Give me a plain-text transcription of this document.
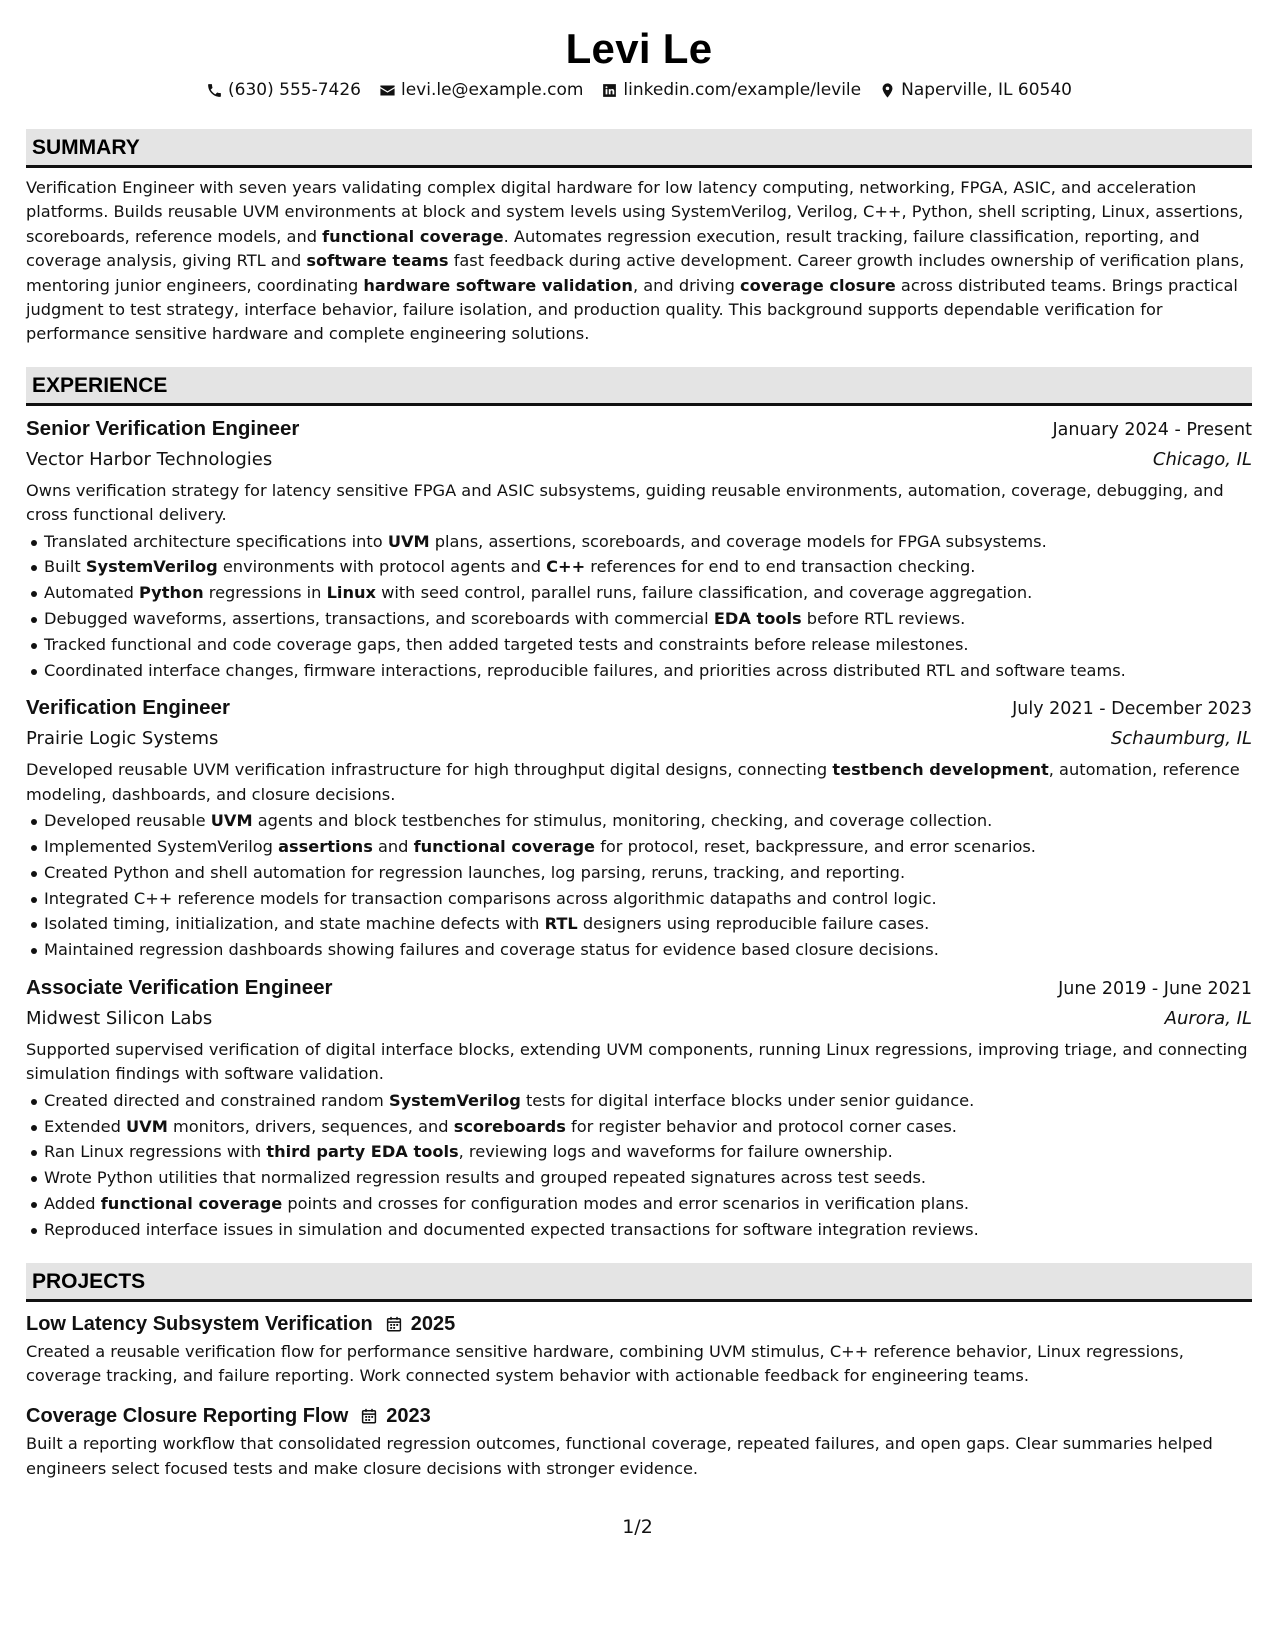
Levi Le
(630) 555-7426 levi.le@example.com linkedin.com/example/levile Naperville, IL 60540
SUMMARY
Verification Engineer with seven years validating complex digital hardware for low latency computing, networking, FPGA, ASIC, and acceleration platforms. Builds reusable UVM environments at block and system levels using SystemVerilog, Verilog, C++, Python, shell scripting, Linux, assertions, scoreboards, reference models, and functional coverage. Automates regression execution, result tracking, failure classification, reporting, and coverage analysis, giving RTL and software teams fast feedback during active development. Career growth includes ownership of verification plans, mentoring junior engineers, coordinating hardware software validation, and driving coverage closure across distributed teams. Brings practical judgment to test strategy, interface behavior, failure isolation, and production quality. This background supports dependable verification for performance sensitive hardware and complete engineering solutions.
EXPERIENCE
Senior Verification Engineer	January 2024 - Present
Vector Harbor Technologies	Chicago, IL
Owns verification strategy for latency sensitive FPGA and ASIC subsystems, guiding reusable environments, automation, coverage, debugging, and cross functional delivery.
Translated architecture specifications into UVM plans, assertions, scoreboards, and coverage models for FPGA subsystems.
Built SystemVerilog environments with protocol agents and C++ references for end to end transaction checking.
Automated Python regressions in Linux with seed control, parallel runs, failure classification, and coverage aggregation.
Debugged waveforms, assertions, transactions, and scoreboards with commercial EDA tools before RTL reviews.
Tracked functional and code coverage gaps, then added targeted tests and constraints before release milestones.
Coordinated interface changes, firmware interactions, reproducible failures, and priorities across distributed RTL and software teams.
Verification Engineer	July 2021 - December 2023
Prairie Logic Systems	Schaumburg, IL
Developed reusable UVM verification infrastructure for high throughput digital designs, connecting testbench development, automation, reference modeling, dashboards, and closure decisions.
Developed reusable UVM agents and block testbenches for stimulus, monitoring, checking, and coverage collection.
Implemented SystemVerilog assertions and functional coverage for protocol, reset, backpressure, and error scenarios.
Created Python and shell automation for regression launches, log parsing, reruns, tracking, and reporting.
Integrated C++ reference models for transaction comparisons across algorithmic datapaths and control logic.
Isolated timing, initialization, and state machine defects with RTL designers using reproducible failure cases.
Maintained regression dashboards showing failures and coverage status for evidence based closure decisions.
Associate Verification Engineer	June 2019 - June 2021
Midwest Silicon Labs	Aurora, IL
Supported supervised verification of digital interface blocks, extending UVM components, running Linux regressions, improving triage, and connecting simulation findings with software validation.
Created directed and constrained random SystemVerilog tests for digital interface blocks under senior guidance.
Extended UVM monitors, drivers, sequences, and scoreboards for register behavior and protocol corner cases.
Ran Linux regressions with third party EDA tools, reviewing logs and waveforms for failure ownership.
Wrote Python utilities that normalized regression results and grouped repeated signatures across test seeds.
Added functional coverage points and crosses for configuration modes and error scenarios in verification plans.
Reproduced interface issues in simulation and documented expected transactions for software integration reviews.
PROJECTS
Low Latency Subsystem Verification 2025
Created a reusable verification flow for performance sensitive hardware, combining UVM stimulus, C++ reference behavior, Linux regressions, coverage tracking, and failure reporting. Work connected system behavior with actionable feedback for engineering teams.
Coverage Closure Reporting Flow 2023
Built a reporting workflow that consolidated regression outcomes, functional coverage, repeated failures, and open gaps. Clear summaries helped engineers select focused tests and make closure decisions with stronger evidence.
1/2
